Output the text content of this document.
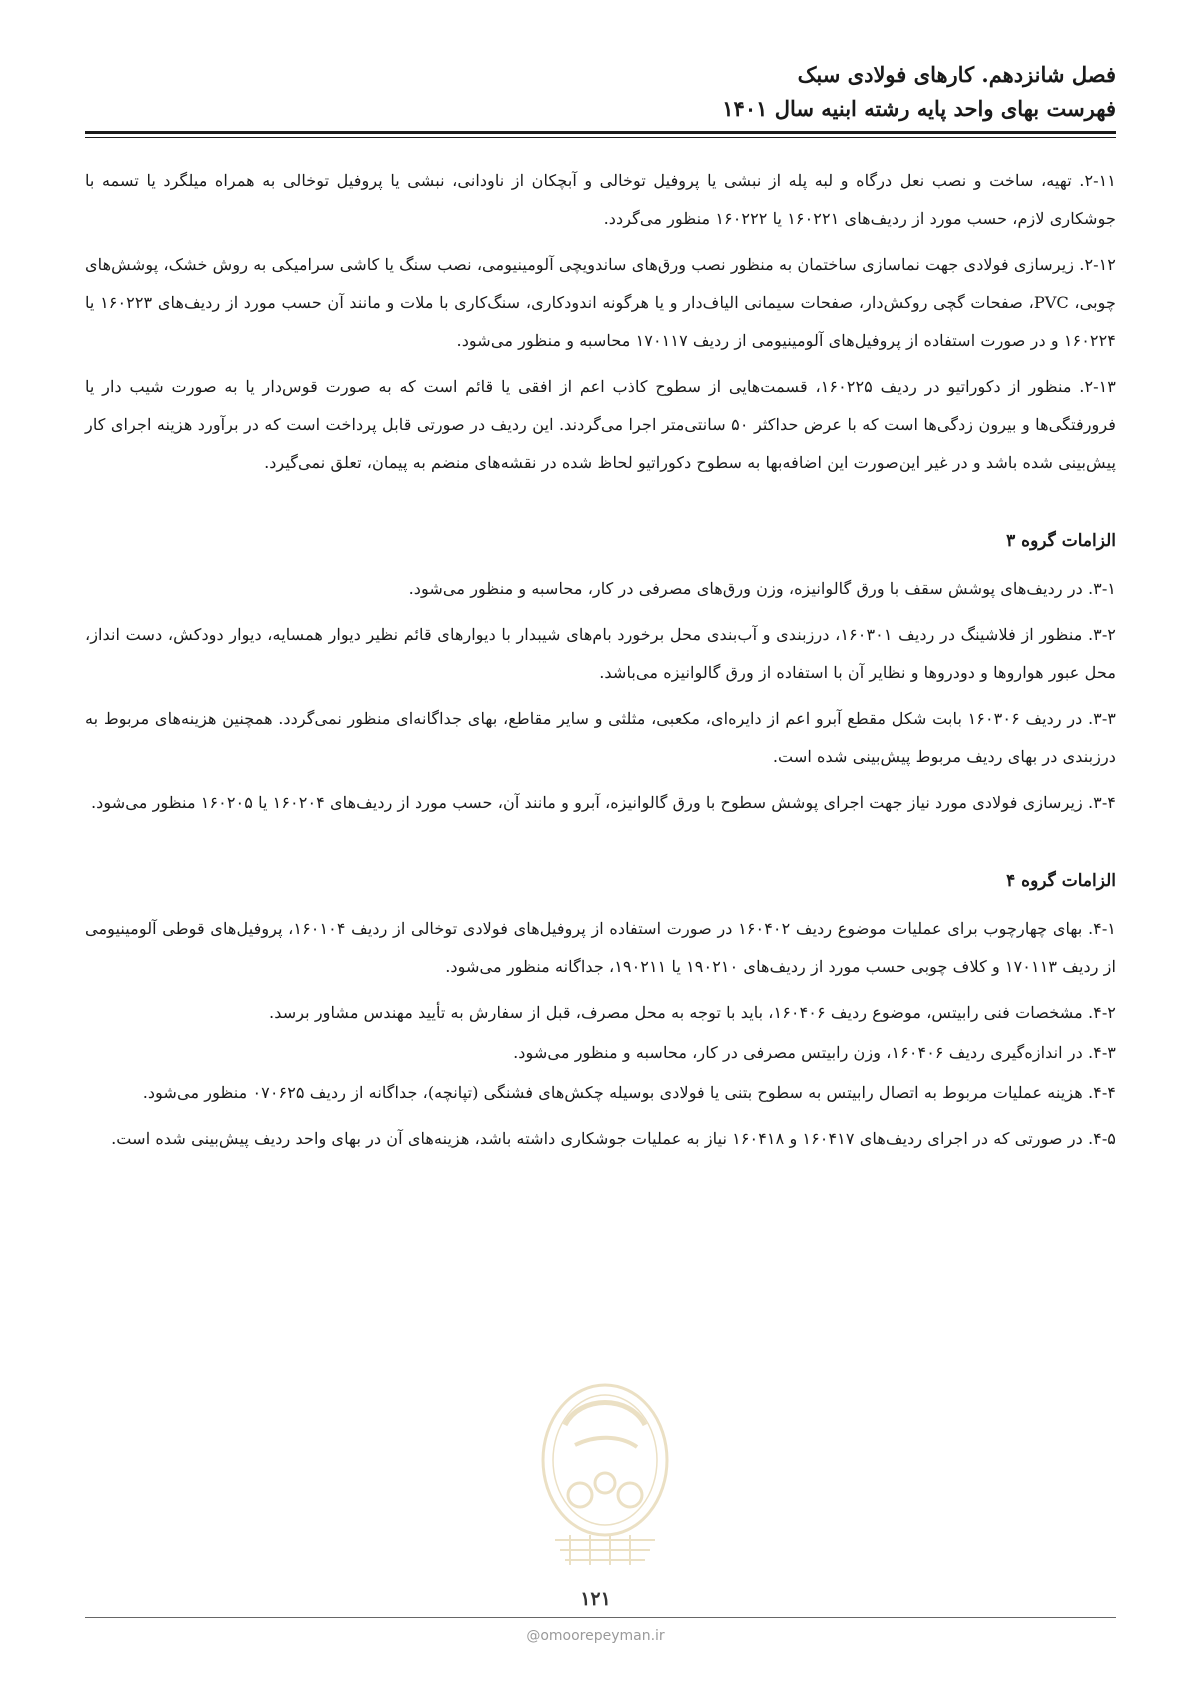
فصل شانزدهم. کارهای فولادی سبک

فهرست بهای واحد پایه رشته ابنیه سال ۱۴۰۱

۲-۱۱. تهیه، ساخت و نصب نعل درگاه و لبه پله از نبشی یا پروفیل توخالی و آبچکان از ناودانی، نبشی یا پروفیل توخالی به همراه میلگرد یا تسمه با جوشکاری لازم، حسب مورد از ردیف‌های ۱۶۰۲۲۱ یا ۱۶۰۲۲۲ منظور می‌گردد.

۲-۱۲. زیرسازی فولادی جهت نماسازی ساختمان به منظور نصب ورق‌های ساندویچی آلومینیومی، نصب سنگ یا کاشی سرامیکی به روش خشک، پوشش‌های چوبی، PVC، صفحات گچی روکش‌دار، صفحات سیمانی الیاف‌دار و یا هرگونه اندودکاری، سنگ‌کاری با ملات و مانند آن حسب مورد از ردیف‌های ۱۶۰۲۲۳ یا ۱۶۰۲۲۴ و در صورت استفاده از پروفیل‌های آلومینیومی از ردیف ۱۷۰۱۱۷ محاسبه و منظور می‌شود.

۲-۱۳. منظور از دکوراتیو در ردیف ۱۶۰۲۲۵، قسمت‌هایی از سطوح کاذب اعم از افقی یا قائم است که به صورت قوس‌دار یا به صورت شیب دار یا فرورفتگی‌ها و بیرون زدگی‌ها است که با عرض حداکثر ۵۰ سانتی‌متر اجرا می‌گردند. این ردیف در صورتی قابل پرداخت است که در برآورد هزینه اجرای کار پیش‌بینی شده باشد و در غیر این‌صورت این اضافه‌بها به سطوح دکوراتیو لحاظ شده در نقشه‌های منضم به پیمان، تعلق نمی‌گیرد.

الزامات گروه ۳

۳-۱. در ردیف‌های پوشش سقف با ورق گالوانیزه، وزن ورق‌های مصرفی در کار، محاسبه و منظور می‌شود.

۳-۲. منظور از فلاشینگ در ردیف ۱۶۰۳۰۱، درزبندی و آب‌بندی محل برخورد بام‌های شیبدار با دیوارهای قائم نظیر دیوار همسایه، دیوار دودکش، دست انداز، محل عبور هواروها و دودروها و نظایر آن با استفاده از ورق گالوانیزه می‌باشد.

۳-۳. در ردیف ۱۶۰۳۰۶ بابت شکل مقطع آبرو اعم از دایره‌ای، مکعبی، مثلثی و سایر مقاطع، بهای جداگانه‌ای منظور نمی‌گردد. همچنین هزینه‌های مربوط به درزبندی در بهای ردیف مربوط پیش‌بینی شده است.

۳-۴. زیرسازی فولادی مورد نیاز جهت اجرای پوشش سطوح با ورق گالوانیزه، آبرو و مانند آن، حسب مورد از ردیف‌های ۱۶۰۲۰۴ یا ۱۶۰۲۰۵ منظور می‌شود.

الزامات گروه ۴

۴-۱. بهای چهارچوب برای عملیات موضوع ردیف ۱۶۰۴۰۲ در صورت استفاده از پروفیل‌های فولادی توخالی از ردیف ۱۶۰۱۰۴، پروفیل‌های قوطی آلومینیومی از ردیف ۱۷۰۱۱۳ و کلاف چوبی حسب مورد از ردیف‌های ۱۹۰۲۱۰ یا ۱۹۰۲۱۱، جداگانه منظور می‌شود.

۴-۲. مشخصات فنی رابیتس، موضوع ردیف ۱۶۰۴۰۶، باید با توجه به محل مصرف، قبل از سفارش به تأیید مهندس مشاور برسد.

۴-۳. در اندازه‌گیری ردیف ۱۶۰۴۰۶، وزن رابیتس مصرفی در کار، محاسبه و منظور می‌شود.

۴-۴. هزینه عملیات مربوط به اتصال رابیتس به سطوح بتنی یا فولادی بوسیله چکش‌های فشنگی (تپانچه)، جداگانه از ردیف ۰۷۰۶۲۵ منظور می‌شود.

۴-۵. در صورتی که در اجرای ردیف‌های ۱۶۰۴۱۷ و ۱۶۰۴۱۸ نیاز به عملیات جوشکاری داشته باشد، هزینه‌های آن در بهای واحد ردیف پیش‌بینی شده است.

۱۲۱
@omoorepeyman.ir
